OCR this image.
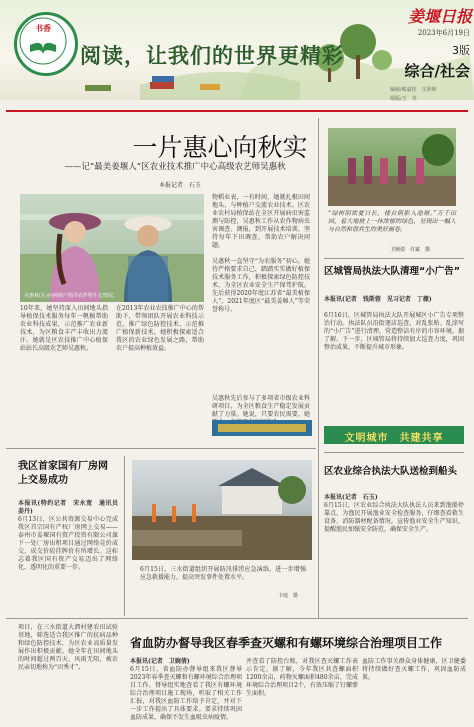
书香
阅读，让我们的世界更精彩
姜堰日报
2023年6月19日
3版
综合/社会
编辑/蔡嘉钰　庄婷婷
组版/王　莹
一片惠心向秋实
——记“最美姜堰人”区农业技术推广中心高级农艺师吴惠秋
本报记者　石玉
吴惠秋(左)向种植户指导农作物生长情况。
10年来，她坚持深入田间地头指导植保技术服务每年一帆稿帮助农业科技成果，示范推广农业新技术，为区粮食丰产丰收出力流汗。她就是区农技推广中心植保站站长高级农艺师吴惠秋。
在2013年农业农技推广中心的帮助下，带领团队开展农业科技示范，推广绿色防控技术，示范推广植保新技术，她积极探索适合我区的农业绿色发展之路，帮助农户提高种植效益。
物稻业表，一有时间，她就扎根田间地头，与种植户交流农业技术。区农业农村局植保站在全区开展病虫害监测与防控，吴惠秋工作从农作物病虫害调查、测报，到开展技术培训，坚持每年下田调查，帮助农户解决问题。

吴惠秋一直坚守“为农服务”初心，她待严格要求自己，踏踏实实做好植保技术服务工作，积极探索绿色防控技术，为全区农业安全生产保驾护航。先后获得2020年度江苏省“最美植保人”、2021年度区“最美姜堰人”等荣誉称号。
吴惠秋先后参与了多项省市级农业科研项目，为全区粮食生产稳定发展贡献了力量。她说，只要农民需要，她
“绿树阴浓夏日长，楼台倒影入池塘。”万千田园，看大地披上一抹浓郁的绿色，呈现出一幅人与自然和谐共生的美好画卷。
卫婉倩　许斌　摄
区城管局执法大队清理“小广告”
本报讯(记者　钱斯蓉　见习记者　丁薇)
6月16日，区城管局执法大队开展城区小广告专项整治行动。执法队员沿街逐店巡查，对乱张贴、乱涂写的“小广告”进行清理，营造整洁有序的市容环境。据了解，下一步，区城管局将持续加大巡查力度，巩固整治成果，不断提升城市形象。
文明城市　共建共享
区农业综合执法大队送检到船头
本报讯(记者　石玉)
6月15日，区农业综合执法大队执法人员来到渔船停靠点，为渔民开展渔业安全检查服务，仔细查看救生设备、消防器材配备情况，宣传渔业安全生产知识，提醒渔民加强安全防范，确保安全生产。
我区首家国有厂房网上交易成功
本报讯(特约记者　宋永宽　通讯员　姜丹)
6月13日，区公共资源交易中心完成我区首宗国有产权厂房网上交易——泰州市姜堰国有资产投资有限公司旗下一处厂房出租项目通过网络竞价成交，成交价较挂牌价有所增长。这标志着我区国有资产交易迈出了网络化、透明化的重要一步。	6月15日，三水街道组织开展防汛排涝应急演练，进一步增强应急救援能力，提高突发事件处置水平。
卞庭　摄
省血防办督导我区春季查灭螺和有螺环境综合治理项目工作
本报讯(记者　卫婉倩)
6月15日，省血防办督导组来我区督导2023年春季查灭螺和有螺环境综合治理项目工作。督导组实地查看了我区有螺环境综合治理项目施工现场，听取了相关工作汇报，对我区血防工作给予肯定，并对下一步工作提出了具体要求。要求持续巩固血防成果，确保不发生血吸虫病疫情。
并查看了防控台账，对我区查灭螺工作表示肯定。据了解，今年我区共查螺面积1200余亩，药物灭螺面积480余亩，完成环境综合治理项目2个，有效压缩了钉螺孳生面积。
血防工作事关群众身体健康，区卫健委将持续做好查灭螺工作，巩固血防成果。
项目，在三水街道大泗村建农田试验基地，筛选适合我区推广的抗病品种和绿色防控技术，为区农业高质量发展作出积极贡献。她全年在田间地头的时间超过两百天，风雨无阻，被农民亲切地称为“田秀才”。
